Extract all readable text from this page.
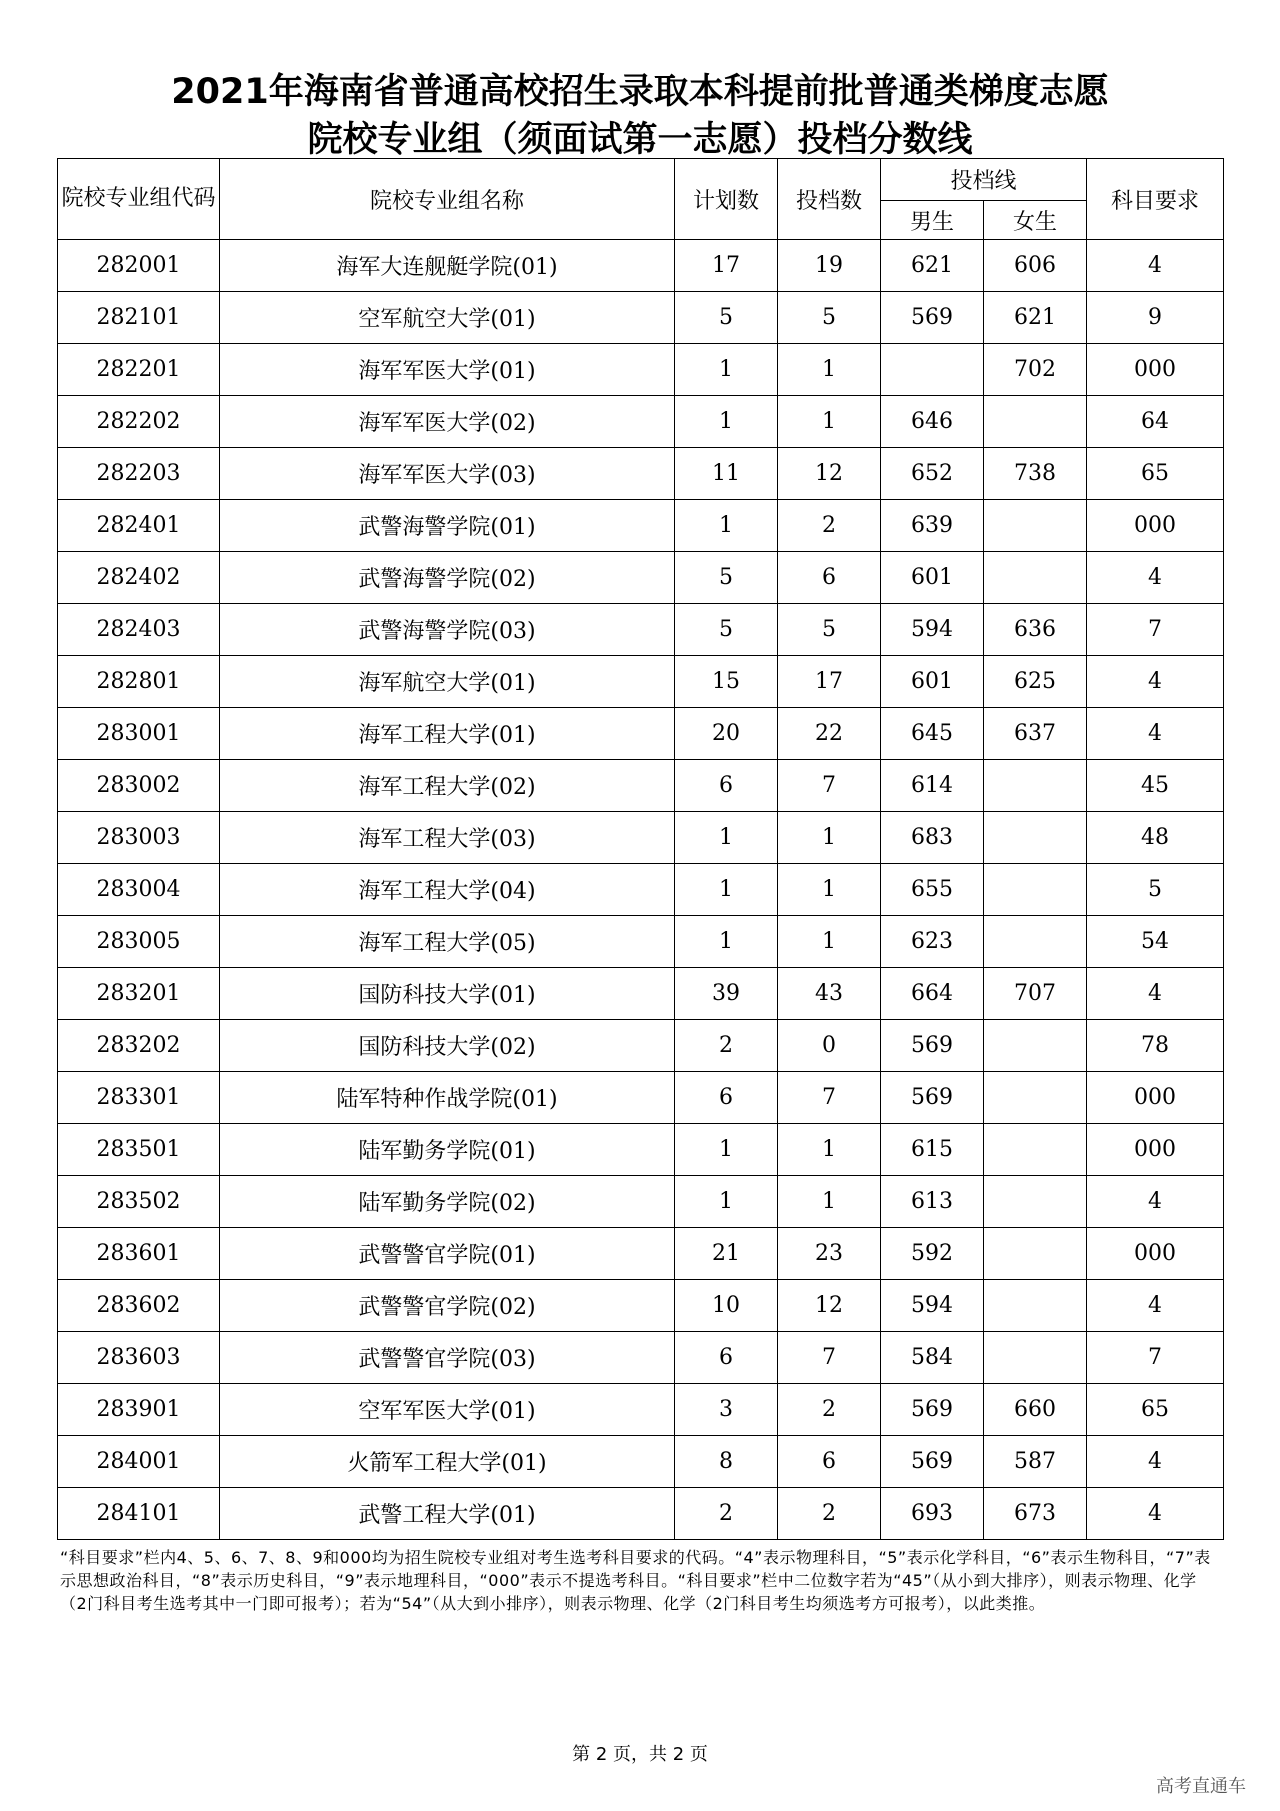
2021年海南省普通高校招生录取本科提前批普通类梯度志愿
院校专业组（须面试第一志愿）投档分数线
院校专业组代码	院校专业组名称	计划数	投档数	投档线		科目要求
				男生	女生	
282001	海军大连舰艇学院(01)	17	19	621	606	4
282101	空军航空大学(01)	5	5	569	621	9
282201	海军军医大学(01)	1	1		702	000
282202	海军军医大学(02)	1	1	646		64
282203	海军军医大学(03)	11	12	652	738	65
282401	武警海警学院(01)	1	2	639		000
282402	武警海警学院(02)	5	6	601		4
282403	武警海警学院(03)	5	5	594	636	7
282801	海军航空大学(01)	15	17	601	625	4
283001	海军工程大学(01)	20	22	645	637	4
283002	海军工程大学(02)	6	7	614		45
283003	海军工程大学(03)	1	1	683		48
283004	海军工程大学(04)	1	1	655		5
283005	海军工程大学(05)	1	1	623		54
283201	国防科技大学(01)	39	43	664	707	4
283202	国防科技大学(02)	2	0	569		78
283301	陆军特种作战学院(01)	6	7	569		000
283501	陆军勤务学院(01)	1	1	615		000
283502	陆军勤务学院(02)	1	1	613		4
283601	武警警官学院(01)	21	23	592		000
283602	武警警官学院(02)	10	12	594		4
283603	武警警官学院(03)	6	7	584		7
283901	空军军医大学(01)	3	2	569	660	65
284001	火箭军工程大学(01)	8	6	569	587	4
284101	武警工程大学(01)	2	2	693	673	4
“科目要求”栏内4、5、6、7、8、9和000均为招生院校专业组对考生选考科目要求的代码。“4”表示物理科目，“5”表示化学科目，“6”表示生物科目，“7”表示思想政治科目，“8”表示历史科目，“9”表示地理科目，“000”表示不提选考科目。“科目要求”栏中二位数字若为“45”（从小到大排序），则表示物理、化学（2门科目考生选考其中一门即可报考）；若为“54”（从大到小排序），则表示物理、化学（2门科目考生均须选考方可报考），以此类推。
第 2 页，共 2 页
高考直通车
